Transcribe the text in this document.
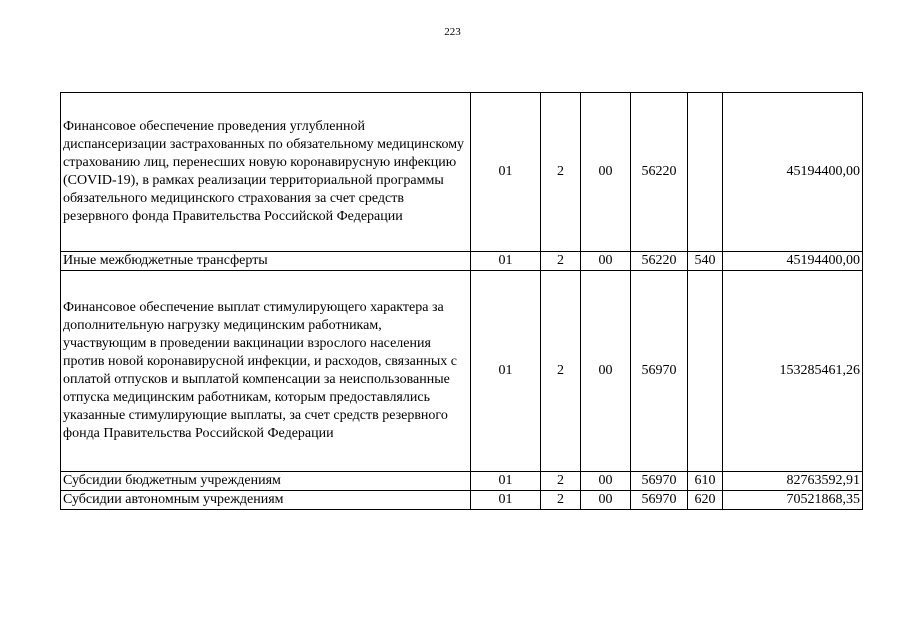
223
Финансовое обеспечение проведения углубленной диспансеризации застрахованных по обязательному медицинскому страхованию лиц, перенесших новую коронавирусную инфекцию (COVID-19), в рамках реализации территориальной программы обязательного медицинского страхования за счет средств резервного фонда Правительства Российской Федерации	01	2	00	56220		45194400,00
Иные межбюджетные трансферты	01	2	00	56220	540	45194400,00
Финансовое обеспечение выплат стимулирующего характера за дополнительную нагрузку медицинским работникам, участвующим в проведении вакцинации взрослого населения против новой коронавирусной инфекции, и расходов, связанных с оплатой отпусков и выплатой компенсации за неиспользованные отпуска медицинским работникам, которым предоставлялись указанные стимулирующие выплаты, за счет средств резервного фонда Правительства Российской Федерации	01	2	00	56970		153285461,26
Субсидии бюджетным учреждениям	01	2	00	56970	610	82763592,91
Субсидии автономным учреждениям	01	2	00	56970	620	70521868,35
